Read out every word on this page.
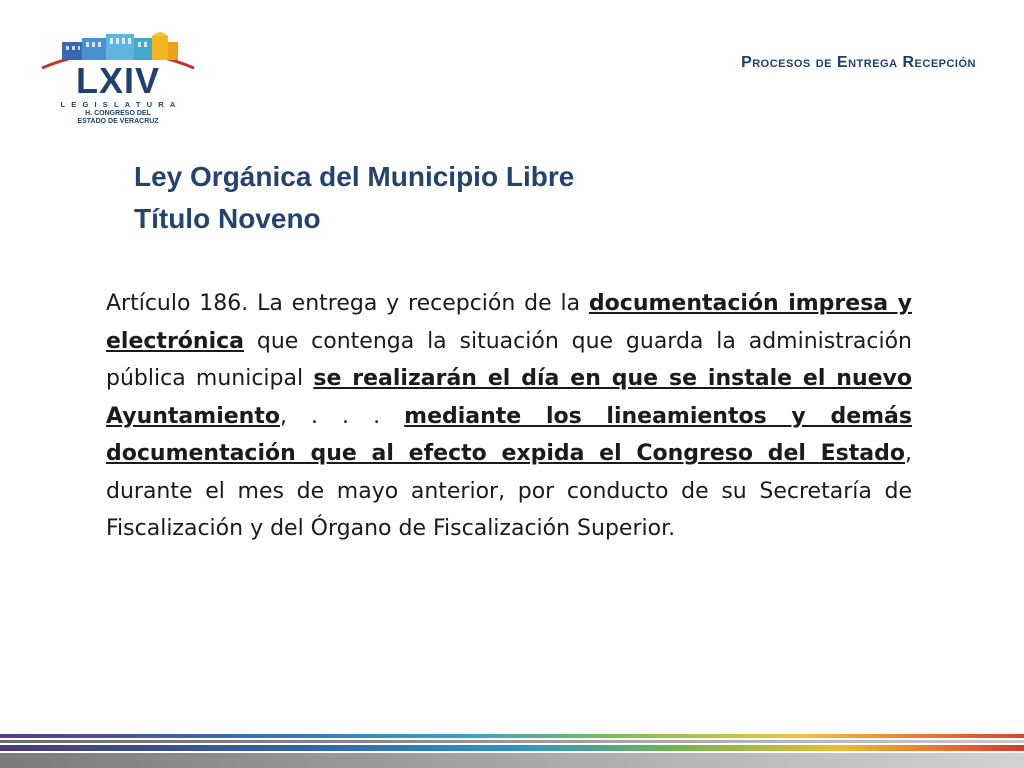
LXIV
LEGISLATURA
H. CONGRESO DEL
ESTADO DE VERACRUZ
Procesos de Entrega Recepción
Ley Orgánica del Municipio Libre
Título Noveno
Artículo 186. La entrega y recepción de la documentación impresa y electrónica que contenga la situación que guarda la administración pública municipal se realizarán el día en que se instale el nuevo Ayuntamiento, . . . mediante los lineamientos y demás documentación que al efecto expida el Congreso del Estado, durante el mes de mayo anterior, por conducto de su Secretaría de Fiscalización y del Órgano de Fiscalización Superior.
